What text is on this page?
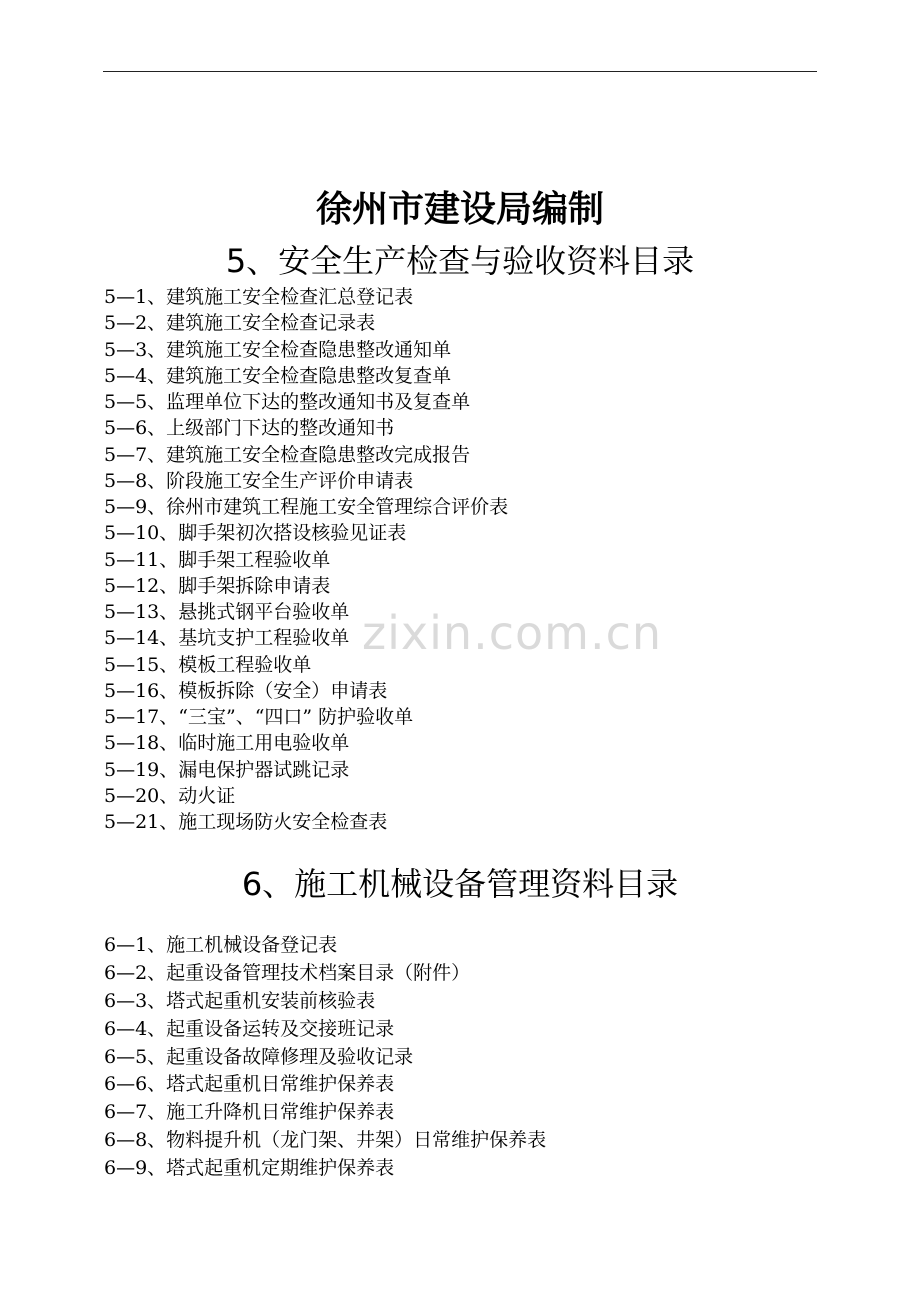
徐州市建设局编制
5、安全生产检查与验收资料目录
5—1、建筑施工安全检查汇总登记表
5—2、建筑施工安全检查记录表
5—3、建筑施工安全检查隐患整改通知单
5—4、建筑施工安全检查隐患整改复查单
5—5、监理单位下达的整改通知书及复查单
5—6、上级部门下达的整改通知书
5—7、建筑施工安全检查隐患整改完成报告
5—8、阶段施工安全生产评价申请表
5—9、徐州市建筑工程施工安全管理综合评价表
5—10、脚手架初次搭设核验见证表
5—11、脚手架工程验收单
5—12、脚手架拆除申请表
5—13、悬挑式钢平台验收单
5—14、基坑支护工程验收单
5—15、模板工程验收单
5—16、模板拆除（安全）申请表
5—17、“三宝”、“四口” 防护验收单
5—18、临时施工用电验收单
5—19、漏电保护器试跳记录
5—20、动火证
5—21、施工现场防火安全检查表
zixin.com.cn
6、施工机械设备管理资料目录
6—1、施工机械设备登记表
6—2、起重设备管理技术档案目录（附件）
6—3、塔式起重机安装前核验表
6—4、起重设备运转及交接班记录
6—5、起重设备故障修理及验收记录
6—6、塔式起重机日常维护保养表
6—7、施工升降机日常维护保养表
6—8、物料提升机（龙门架、井架）日常维护保养表
6—9、塔式起重机定期维护保养表
